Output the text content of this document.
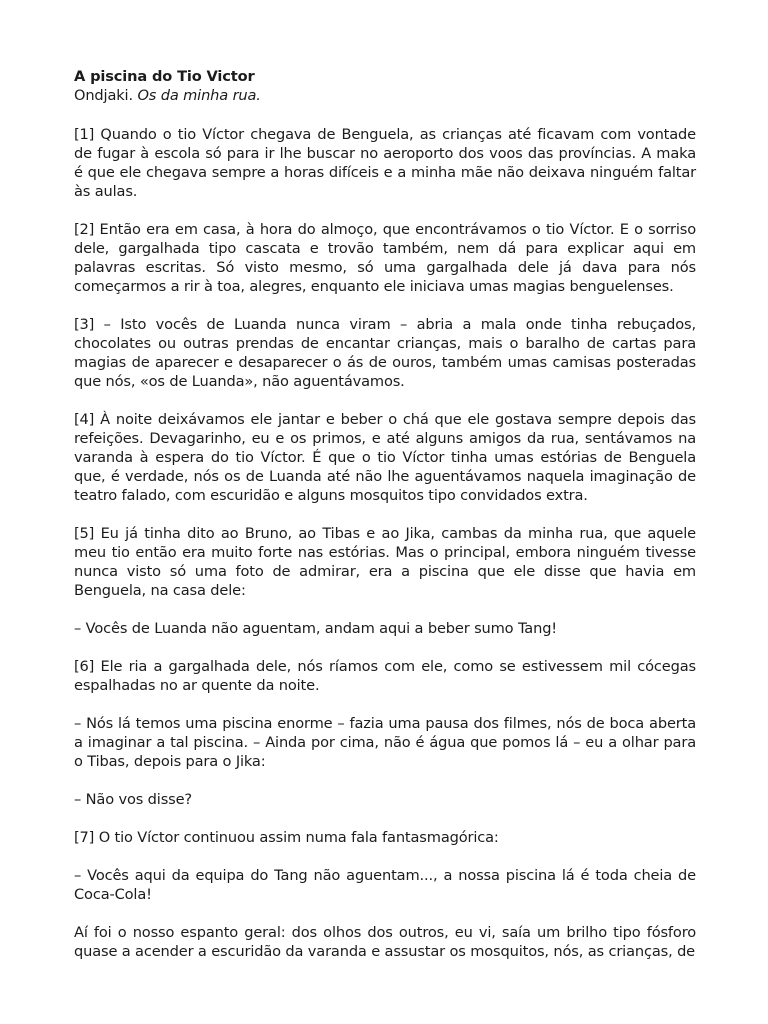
A piscina do Tio Victor

Ondjaki. Os da minha rua.

[1] Quando o tio Víctor chegava de Benguela, as crianças até ficavam com vontade de fugar à escola só para ir lhe buscar no aeroporto dos voos das províncias. A maka é que ele chegava sempre a horas difíceis e a minha mãe não deixava ninguém faltar às aulas.

[2] Então era em casa, à hora do almoço, que encontrávamos o tio Víctor. E o sorriso dele, gargalhada tipo cascata e trovão também, nem dá para explicar aqui em palavras escritas. Só visto mesmo, só uma gargalhada dele já dava para nós começarmos a rir à toa, alegres, enquanto ele iniciava umas magias benguelenses.

[3] – Isto vocês de Luanda nunca viram – abria a mala onde tinha rebuçados, chocolates ou outras prendas de encantar crianças, mais o baralho de cartas para magias de aparecer e desaparecer o ás de ouros, também umas camisas posteradas que nós, «os de Luanda», não aguentávamos.

[4] À noite deixávamos ele jantar e beber o chá que ele gostava sempre depois das refeições. Devagarinho, eu e os primos, e até alguns amigos da rua, sentávamos na varanda à espera do tio Víctor. É que o tio Víctor tinha umas estórias de Benguela que, é verdade, nós os de Luanda até não lhe aguentávamos naquela imaginação de teatro falado, com escuridão e alguns mosquitos tipo convidados extra.

[5] Eu já tinha dito ao Bruno, ao Tibas e ao Jika, cambas da minha rua, que aquele meu tio então era muito forte nas estórias. Mas o principal, embora ninguém tivesse nunca visto só uma foto de admirar, era a piscina que ele disse que havia em Benguela, na casa dele:

– Vocês de Luanda não aguentam, andam aqui a beber sumo Tang!

[6] Ele ria a gargalhada dele, nós ríamos com ele, como se estivessem mil cócegas espalhadas no ar quente da noite.

– Nós lá temos uma piscina enorme – fazia uma pausa dos filmes, nós de boca aberta a imaginar a tal piscina. – Ainda por cima, não é água que pomos lá – eu a olhar para o Tibas, depois para o Jika:

– Não vos disse?

[7] O tio Víctor continuou assim numa fala fantasmagórica:

– Vocês aqui da equipa do Tang não aguentam..., a nossa piscina lá é toda cheia de Coca-Cola!

Aí foi o nosso espanto geral: dos olhos dos outros, eu vi, saía um brilho tipo fósforo quase a acender a escuridão da varanda e assustar os mosquitos, nós, as crianças, de
